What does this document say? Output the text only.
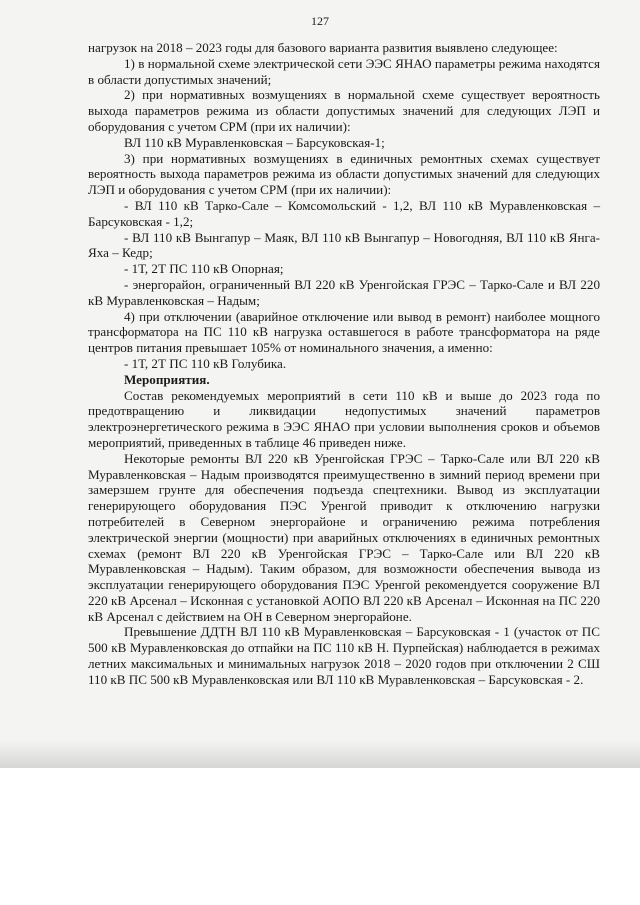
127

нагрузок на 2018 – 2023 годы для базового варианта развития выявлено следующее:

1) в нормальной схеме электрической сети ЭЭС ЯНАО параметры режима находятся в области допустимых значений;

2) при нормативных возмущениях в нормальной схеме существует вероятность выхода параметров режима из области допустимых значений для следующих ЛЭП и оборудования с учетом СРМ (при их наличии):

ВЛ 110 кВ Муравленковская – Барсуковская-1;

3) при нормативных возмущениях в единичных ремонтных схемах существует вероятность выхода параметров режима из области допустимых значений для следующих ЛЭП и оборудования с учетом СРМ (при их наличии):

- ВЛ 110 кВ Тарко-Сале – Комсомольский - 1,2, ВЛ 110 кВ Муравленковская – Барсуковская - 1,2;

- ВЛ 110 кВ Вынгапур – Маяк, ВЛ 110 кВ Вынгапур – Новогодняя, ВЛ 110 кВ Янга-Яха – Кедр;

- 1Т, 2Т ПС 110 кВ Опорная;

- энергорайон, ограниченный ВЛ 220 кВ Уренгойская ГРЭС – Тарко-Сале и ВЛ 220 кВ Муравленковская – Надым;

4) при отключении (аварийное отключение или вывод в ремонт) наиболее мощного трансформатора на ПС 110 кВ нагрузка оставшегося в работе трансформатора на ряде центров питания превышает 105% от номинального значения, а именно:

- 1Т, 2Т ПС 110 кВ Голубика.

Мероприятия.

Состав рекомендуемых мероприятий в сети 110 кВ и выше до 2023 года по предотвращению и ликвидации недопустимых значений параметров электроэнергетического режима в ЭЭС ЯНАО при условии выполнения сроков и объемов мероприятий, приведенных в таблице 46 приведен ниже.

Некоторые ремонты ВЛ 220 кВ Уренгойская ГРЭС – Тарко-Сале или ВЛ 220 кВ Муравленковская – Надым производятся преимущественно в зимний период времени при замерзшем грунте для обеспечения подъезда спецтехники. Вывод из эксплуатации генерирующего оборудования ПЭС Уренгой приводит к отключению нагрузки потребителей в Северном энергорайоне и ограничению режима потребления электрической энергии (мощности) при аварийных отключениях в единичных ремонтных схемах (ремонт ВЛ 220 кВ Уренгойская ГРЭС – Тарко-Сале или ВЛ 220 кВ Муравленковская – Надым). Таким образом, для возможности обеспечения вывода из эксплуатации генерирующего оборудования ПЭС Уренгой рекомендуется сооружение ВЛ 220 кВ Арсенал – Исконная с установкой АОПО ВЛ 220 кВ Арсенал – Исконная на ПС 220 кВ Арсенал с действием на ОН в Северном энергорайоне.

Превышение ДДТН ВЛ 110 кВ Муравленковская – Барсуковская - 1 (участок от ПС 500 кВ Муравленковская до отпайки на ПС 110 кВ Н. Пурпейская) наблюдается в режимах летних максимальных и минимальных нагрузок 2018 – 2020 годов при отключении 2 СШ 110 кВ ПС 500 кВ Муравленковская или ВЛ 110 кВ Муравленковская – Барсуковская - 2.
